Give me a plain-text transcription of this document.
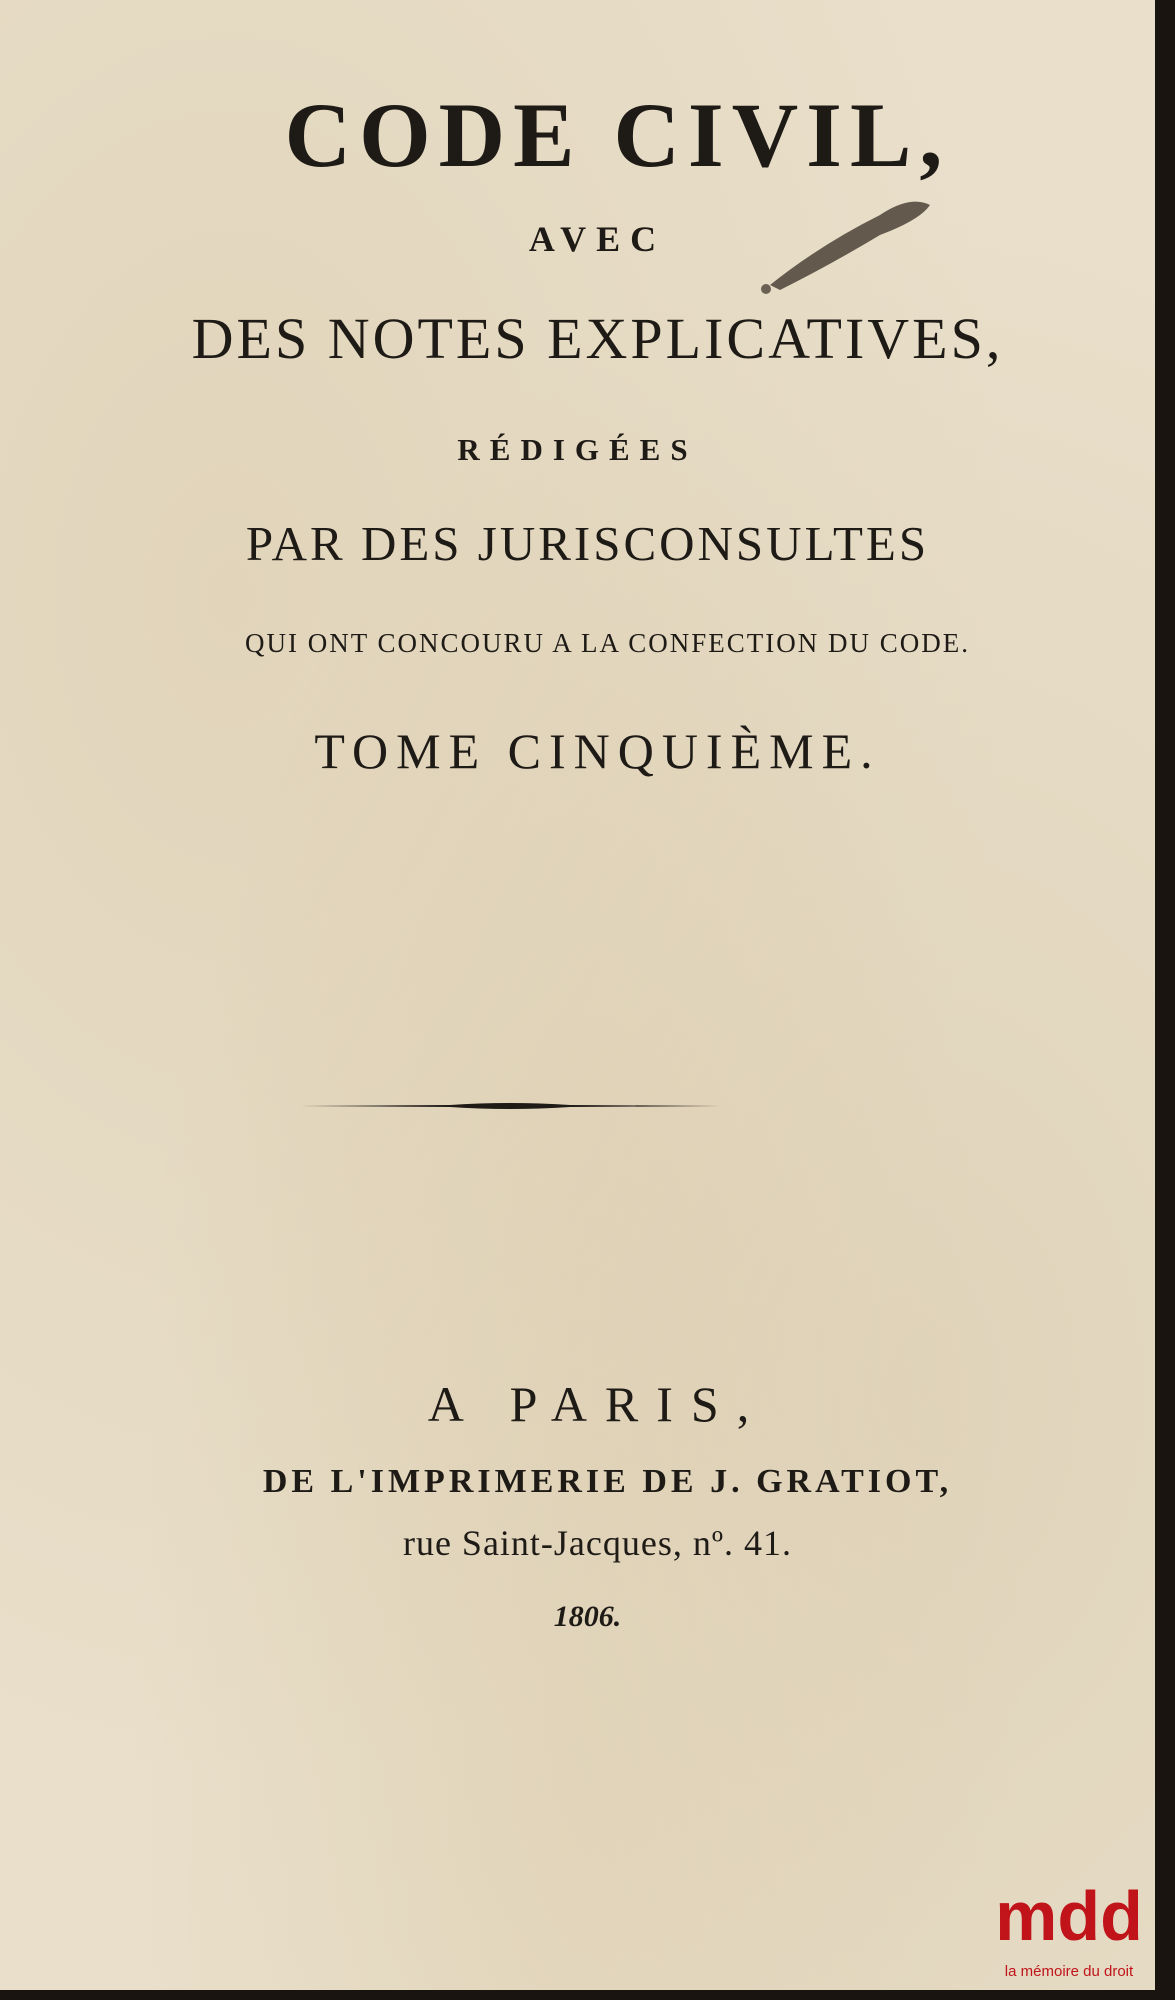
CODE CIVIL,
AVEC
DES NOTES EXPLICATIVES,
RÉDIGÉES
PAR DES JURISCONSULTES
QUI ONT CONCOURU A LA CONFECTION DU CODE.
TOME CINQUIÈME.
A PARIS,
DE L'IMPRIMERIE DE J. GRATIOT,
rue Saint-Jacques, nº. 41.
1806.
mdd
la mémoire du droit
